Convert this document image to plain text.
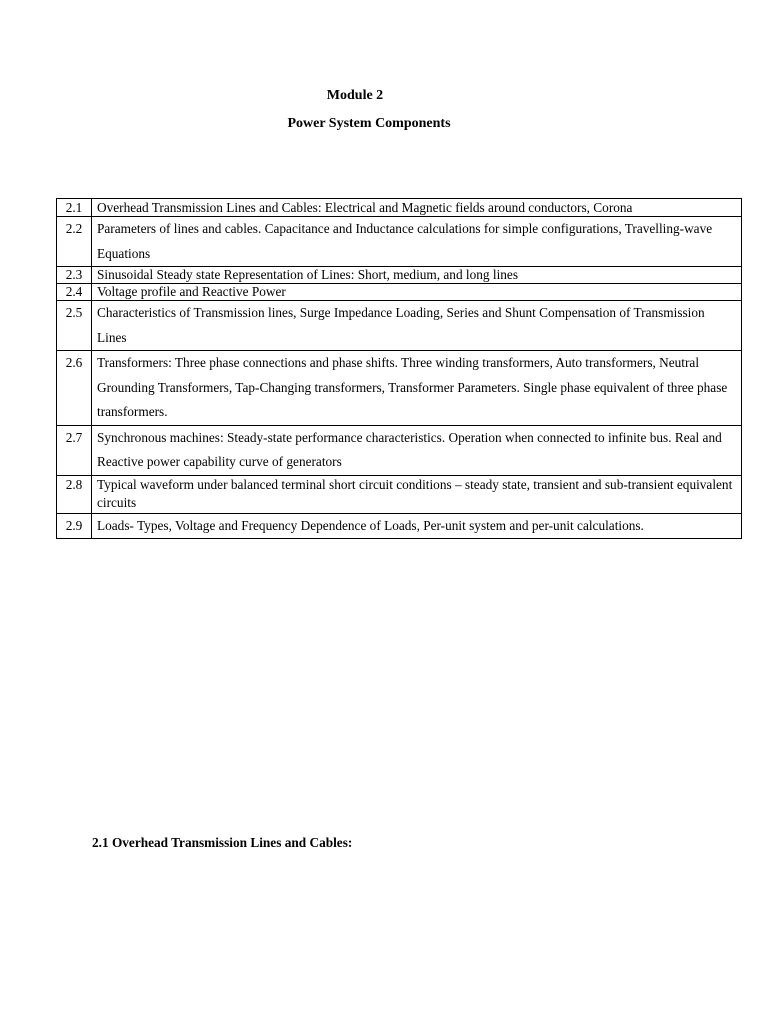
Module 2
Power System Components
2.1	Overhead Transmission Lines and Cables: Electrical and Magnetic fields around conductors, Corona
2.2	Parameters of lines and cables. Capacitance and Inductance calculations for simple configurations, Travelling-wave Equations
2.3	Sinusoidal Steady state Representation of Lines: Short, medium, and long lines
2.4	Voltage profile and Reactive Power
2.5	Characteristics of Transmission lines, Surge Impedance Loading, Series and Shunt Compensation of Transmission Lines
2.6	Transformers: Three phase connections and phase shifts. Three winding transformers, Auto transformers, Neutral Grounding Transformers, Tap-Changing transformers, Transformer Parameters. Single phase equivalent of three phase transformers.
2.7	Synchronous machines: Steady-state performance characteristics. Operation when connected to infinite bus. Real and Reactive power capability curve of generators
2.8	Typical waveform under balanced terminal short circuit conditions – steady state, transient and sub-transient equivalent circuits
2.9	Loads- Types, Voltage and Frequency Dependence of Loads, Per-unit system and per-unit calculations.
2.1 Overhead Transmission Lines and Cables:
